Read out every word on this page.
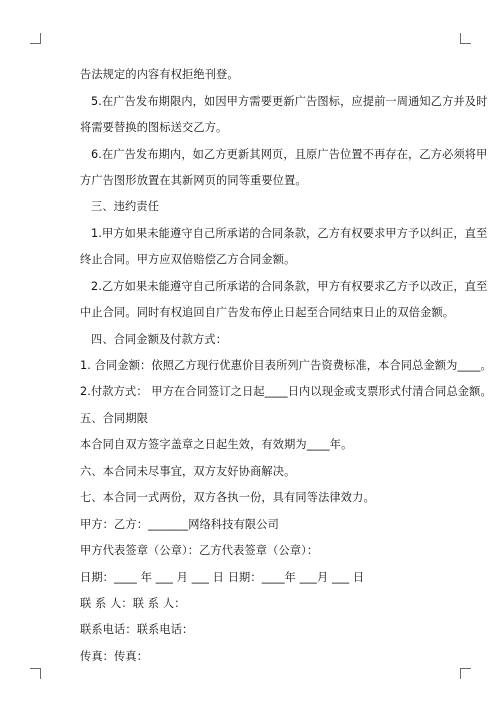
告法规定的内容有权拒绝刊登。
5.在广告发布期限内，如因甲方需要更新广告图标，应提前一周通知乙方并及时
将需要替换的图标送交乙方。
6.在广告发布期内，如乙方更新其网页，且原广告位置不再存在，乙方必须将甲
方广告图形放置在其新网页的同等重要位置。
三、违约责任
1.甲方如果未能遵守自己所承诺的合同条款，乙方有权要求甲方予以纠正，直至
终止合同。甲方应双倍赔偿乙方合同金额。
2.乙方如果未能遵守自己所承诺的合同条款，甲方有权要求乙方予以改正，直至
中止合同。同时有权追回自广告发布停止日起至合同结束日止的双倍金额。
四、合同金额及付款方式：
1. 合同金额：依照乙方现行优惠价目表所列广告资费标准，本合同总金额为____。
2.付款方式： 甲方在合同签订之日起____日内以现金或支票形式付清合同总金额。
五、合同期限
本合同自双方签字盖章之日起生效，有效期为____年。
六、本合同未尽事宜，双方友好协商解决。
七、本合同一式两份，双方各执一份，具有同等法律效力。
甲方：乙方：_______网络科技有限公司
甲方代表签章（公章）：乙方代表签章（公章）：
日期：____ 年 ___ 月 ___ 日 日期：____年 ___月 ___ 日
联 系 人：联 系 人：
联系电话：联系电话：
传真：传真：
